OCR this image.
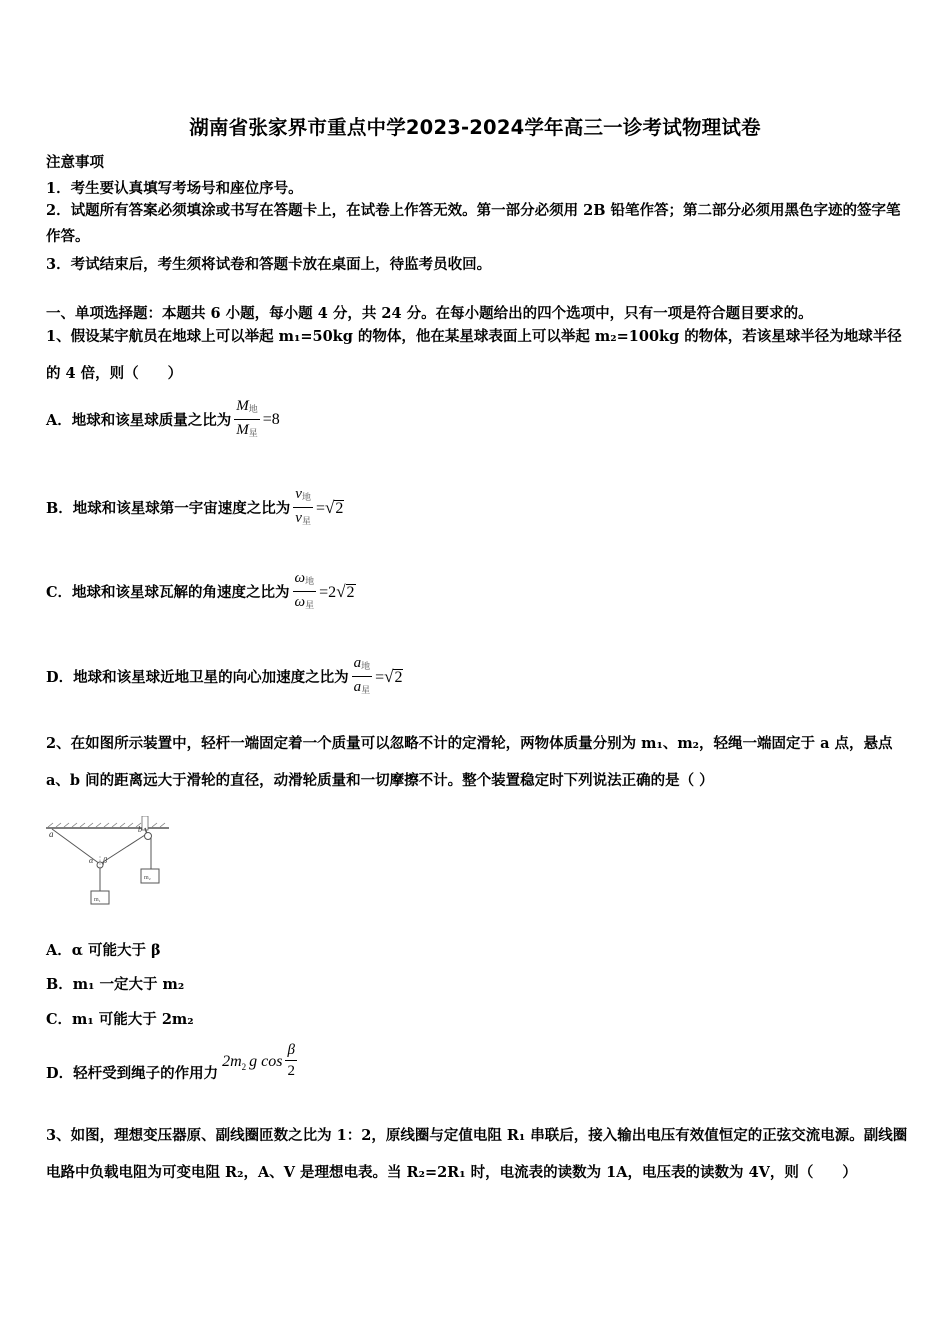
湖南省张家界市重点中学2023-2024学年高三一诊考试物理试卷
注意事项
1．考生要认真填写考场号和座位序号。
2．试题所有答案必须填涂或书写在答题卡上，在试卷上作答无效。第一部分必须用 2B 铅笔作答；第二部分必须用黑色字迹的签字笔作答。
3．考试结束后，考生须将试卷和答题卡放在桌面上，待监考员收回。
一、单项选择题：本题共 6 小题，每小题 4 分，共 24 分。在每小题给出的四个选项中，只有一项是符合题目要求的。
1、假设某宇航员在地球上可以举起 m₁=50kg 的物体，他在某星球表面上可以举起 m₂=100kg 的物体，若该星球半径为地球半径的 4 倍，则（　　）
A．地球和该星球质量之比为 $\frac{M_地}{M_星} =8$
B．地球和该星球第一宇宙速度之比为 $\frac{v_地}{v_星} =√2$
C．地球和该星球瓦解的角速度之比为 $\frac{\omega_地}{\omega_星} =2√2$
D．地球和该星球近地卫星的向心加速度之比为 $\frac{a_地}{a_星} =√2$
2、在如图所示装置中，轻杆一端固定着一个质量可以忽略不计的定滑轮，两物体质量分别为 m₁、m₂，轻绳一端固定于 a 点，悬点 a、b 间的距离远大于滑轮的直径，动滑轮质量和一切摩擦不计。整个装置稳定时下列说法正确的是（ ）
a	b
α β
m₁
m₂
A．α 可能大于 β
B．m₁ 一定大于 m₂
C．m₁ 可能大于 2m₂
D．轻杆受到绳子的作用力
$2m_2$ g $\cos \frac{\beta}{2}$
3、如图，理想变压器原、副线圈匝数之比为 1：2，原线圈与定值电阻 R₁ 串联后，接入输出电压有效值恒定的正弦交流电源。副线圈电路中负载电阻为可变电阻 R₂，A、V 是理想电表。当 R₂=2R₁ 时，电流表的读数为 1A，电压表的读数为 4V，则（　　）
